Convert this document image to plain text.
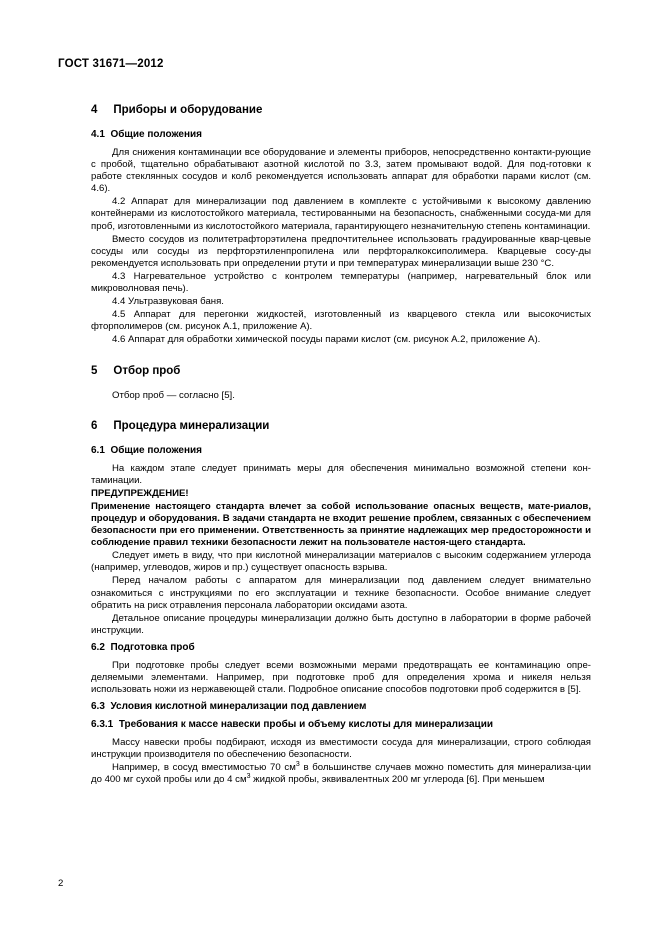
ГОСТ 31671—2012
4 Приборы и оборудование
4.1 Общие положения

Для снижения контаминации все оборудование и элементы приборов, непосредственно контакти-рующие с пробой, тщательно обрабатывают азотной кислотой по 3.3, затем промывают водой. Для под-готовки к работе стеклянных сосудов и колб рекомендуется использовать аппарат для обработки парами кислот (см. 4.6).

4.2 Аппарат для минерализации под давлением в комплекте с устойчивыми к высокому давлению контейнерами из кислотостойкого материала, тестированными на безопасность, снабженными сосуда-ми для проб, изготовленными из кислотостойкого материала, гарантирующего незначительную степень контаминации.

Вместо сосудов из политетрафторэтилена предпочтительнее использовать градуированные квар-цевые сосуды или сосуды из перфторэтиленпропилена или перфторалкоксиполимера. Кварцевые сосу-ды рекомендуется использовать при определении ртути и при температурах минерализации выше 230 °С.

4.3 Нагревательное устройство с контролем температуры (например, нагревательный блок или микроволновая печь).

4.4 Ультразвуковая баня.

4.5 Аппарат для перегонки жидкостей, изготовленный из кварцевого стекла или высокочистых фторполимеров (см. рисунок А.1, приложение А).

4.6 Аппарат для обработки химической посуды парами кислот (см. рисунок А.2, приложение А).

5 Отбор проб

Отбор проб — согласно [5].

6 Процедура минерализации
6.1 Общие положения

На каждом этапе следует принимать меры для обеспечения минимально возможной степени кон-таминации.

ПРЕДУПРЕЖДЕНИЕ!

Применение настоящего стандарта влечет за собой использование опасных веществ, мате-риалов, процедур и оборудования. В задачи стандарта не входит решение проблем, связанных с обеспечением безопасности при его применении. Ответственность за принятие надлежащих мер предосторожности и соблюдение правил техники безопасности лежит на пользователе настоя-щего стандарта.

Следует иметь в виду, что при кислотной минерализации материалов с высоким содержанием углерода (например, углеводов, жиров и пр.) существует опасность взрыва.

Перед началом работы с аппаратом для минерализации под давлением следует внимательно ознакомиться с инструкциями по его эксплуатации и технике безопасности. Особое внимание следует обратить на риск отравления персонала лаборатории оксидами азота.

Детальное описание процедуры минерализации должно быть доступно в лаборатории в форме рабочей инструкции.

6.2 Подготовка проб

При подготовке пробы следует всеми возможными мерами предотвращать ее контаминацию опре-деляемыми элементами. Например, при подготовке проб для определения хрома и никеля нельзя использовать ножи из нержавеющей стали. Подробное описание способов подготовки проб содержится в [5].

6.3 Условия кислотной минерализации под давлением
6.3.1 Требования к массе навески пробы и объему кислоты для минерализации

Массу навески пробы подбирают, исходя из вместимости сосуда для минерализации, строго соблюдая инструкции производителя по обеспечению безопасности.

Например, в сосуд вместимостью 70 $см^3$ в большинстве случаев можно поместить для минерализа-ции до 400 мг сухой пробы или до 4 $см^3$ жидкой пробы, эквивалентных 200 мг углерода [6]. При меньшем

2
